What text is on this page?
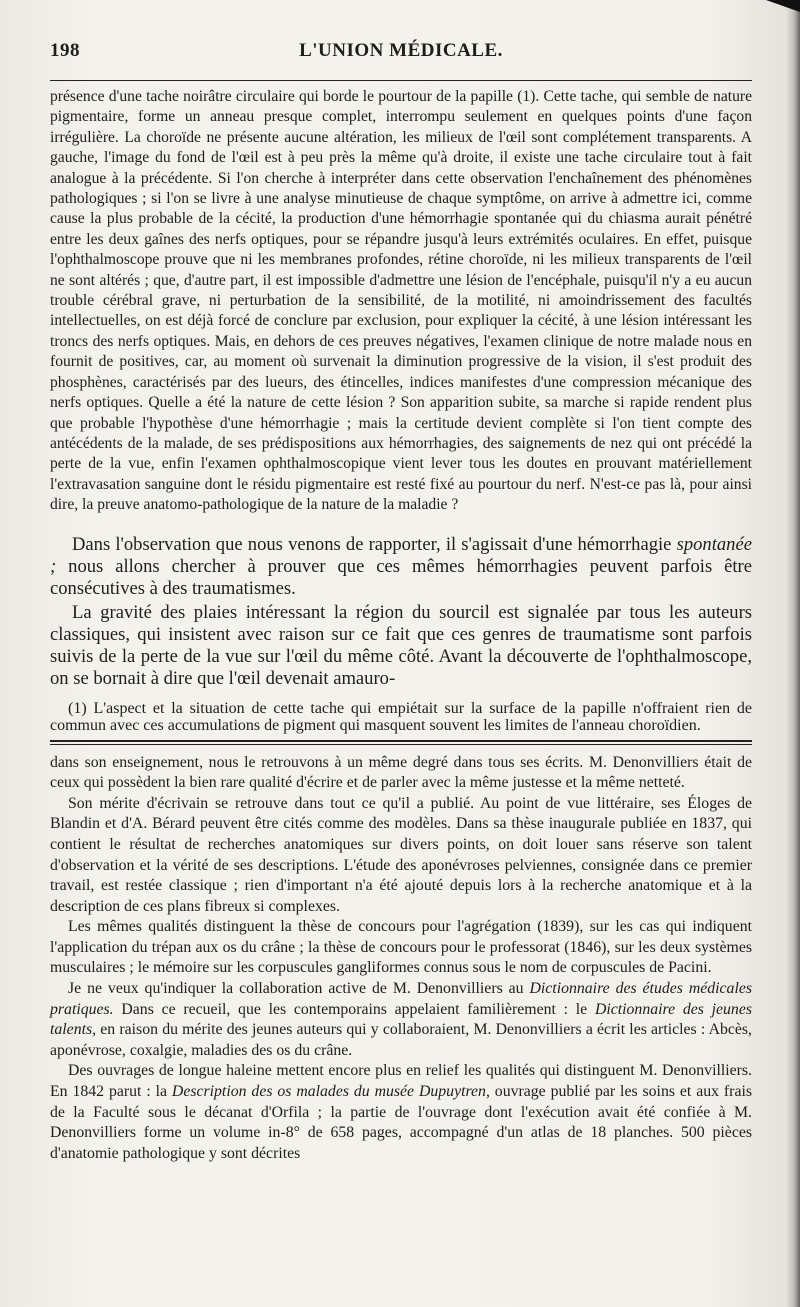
198	L'UNION MÉDICALE.

présence d'une tache noirâtre circulaire qui borde le pourtour de la papille (1). Cette tache, qui semble de nature pigmentaire, forme un anneau presque complet, interrompu seulement en quelques points d'une façon irrégulière. La choroïde ne présente aucune altération, les milieux de l'œil sont complétement transparents. A gauche, l'image du fond de l'œil est à peu près la même qu'à droite, il existe une tache circulaire tout à fait analogue à la précédente. Si l'on cherche à interpréter dans cette observation l'enchaînement des phénomènes pathologiques ; si l'on se livre à une analyse minutieuse de chaque symptôme, on arrive à admettre ici, comme cause la plus probable de la cécité, la production d'une hémorrhagie spontanée qui du chiasma aurait pénétré entre les deux gaînes des nerfs optiques, pour se répandre jusqu'à leurs extrémités oculaires. En effet, puisque l'ophthalmoscope prouve que ni les membranes profondes, rétine choroïde, ni les milieux transparents de l'œil ne sont altérés ; que, d'autre part, il est impossible d'admettre une lésion de l'encéphale, puisqu'il n'y a eu aucun trouble cérébral grave, ni perturbation de la sensibilité, de la motilité, ni amoindrissement des facultés intellectuelles, on est déjà forcé de conclure par exclusion, pour expliquer la cécité, à une lésion intéressant les troncs des nerfs optiques. Mais, en dehors de ces preuves négatives, l'examen clinique de notre malade nous en fournit de positives, car, au moment où survenait la diminution progressive de la vision, il s'est produit des phosphènes, caractérisés par des lueurs, des étincelles, indices manifestes d'une compression mécanique des nerfs optiques. Quelle a été la nature de cette lésion ? Son apparition subite, sa marche si rapide rendent plus que probable l'hypothèse d'une hémorrhagie ; mais la certitude devient complète si l'on tient compte des antécédents de la malade, de ses prédispositions aux hémorrhagies, des saignements de nez qui ont précédé la perte de la vue, enfin l'examen ophthalmoscopique vient lever tous les doutes en prouvant matériellement l'extravasation sanguine dont le résidu pigmentaire est resté fixé au pourtour du nerf. N'est-ce pas là, pour ainsi dire, la preuve anatomo-pathologique de la nature de la maladie ?

Dans l'observation que nous venons de rapporter, il s'agissait d'une hémorrhagie spontanée ; nous allons chercher à prouver que ces mêmes hémorrhagies peuvent parfois être consécutives à des traumatismes.

La gravité des plaies intéressant la région du sourcil est signalée par tous les auteurs classiques, qui insistent avec raison sur ce fait que ces genres de traumatisme sont parfois suivis de la perte de la vue sur l'œil du même côté. Avant la découverte de l'ophthalmoscope, on se bornait à dire que l'œil devenait amauro-

(1) L'aspect et la situation de cette tache qui empiétait sur la surface de la papille n'offraient rien de commun avec ces accumulations de pigment qui masquent souvent les limites de l'anneau choroïdien.

dans son enseignement, nous le retrouvons à un même degré dans tous ses écrits. M. Denonvilliers était de ceux qui possèdent la bien rare qualité d'écrire et de parler avec la même justesse et la même netteté.

Son mérite d'écrivain se retrouve dans tout ce qu'il a publié. Au point de vue littéraire, ses Éloges de Blandin et d'A. Bérard peuvent être cités comme des modèles. Dans sa thèse inaugurale publiée en 1837, qui contient le résultat de recherches anatomiques sur divers points, on doit louer sans réserve son talent d'observation et la vérité de ses descriptions. L'étude des aponévroses pelviennes, consignée dans ce premier travail, est restée classique ; rien d'important n'a été ajouté depuis lors à la recherche anatomique et à la description de ces plans fibreux si complexes.

Les mêmes qualités distinguent la thèse de concours pour l'agrégation (1839), sur les cas qui indiquent l'application du trépan aux os du crâne ; la thèse de concours pour le professorat (1846), sur les deux systèmes musculaires ; le mémoire sur les corpuscules gangliformes connus sous le nom de corpuscules de Pacini.

Je ne veux qu'indiquer la collaboration active de M. Denonvilliers au Dictionnaire des études médicales pratiques. Dans ce recueil, que les contemporains appelaient familièrement : le Dictionnaire des jeunes talents, en raison du mérite des jeunes auteurs qui y collaboraient, M. Denonvilliers a écrit les articles : Abcès, aponévrose, coxalgie, maladies des os du crâne.

Des ouvrages de longue haleine mettent encore plus en relief les qualités qui distinguent M. Denonvilliers. En 1842 parut : la Description des os malades du musée Dupuytren, ouvrage publié par les soins et aux frais de la Faculté sous le décanat d'Orfila ; la partie de l'ouvrage dont l'exécution avait été confiée à M. Denonvilliers forme un volume in-8° de 658 pages, accompagné d'un atlas de 18 planches. 500 pièces d'anatomie pathologique y sont décrites
